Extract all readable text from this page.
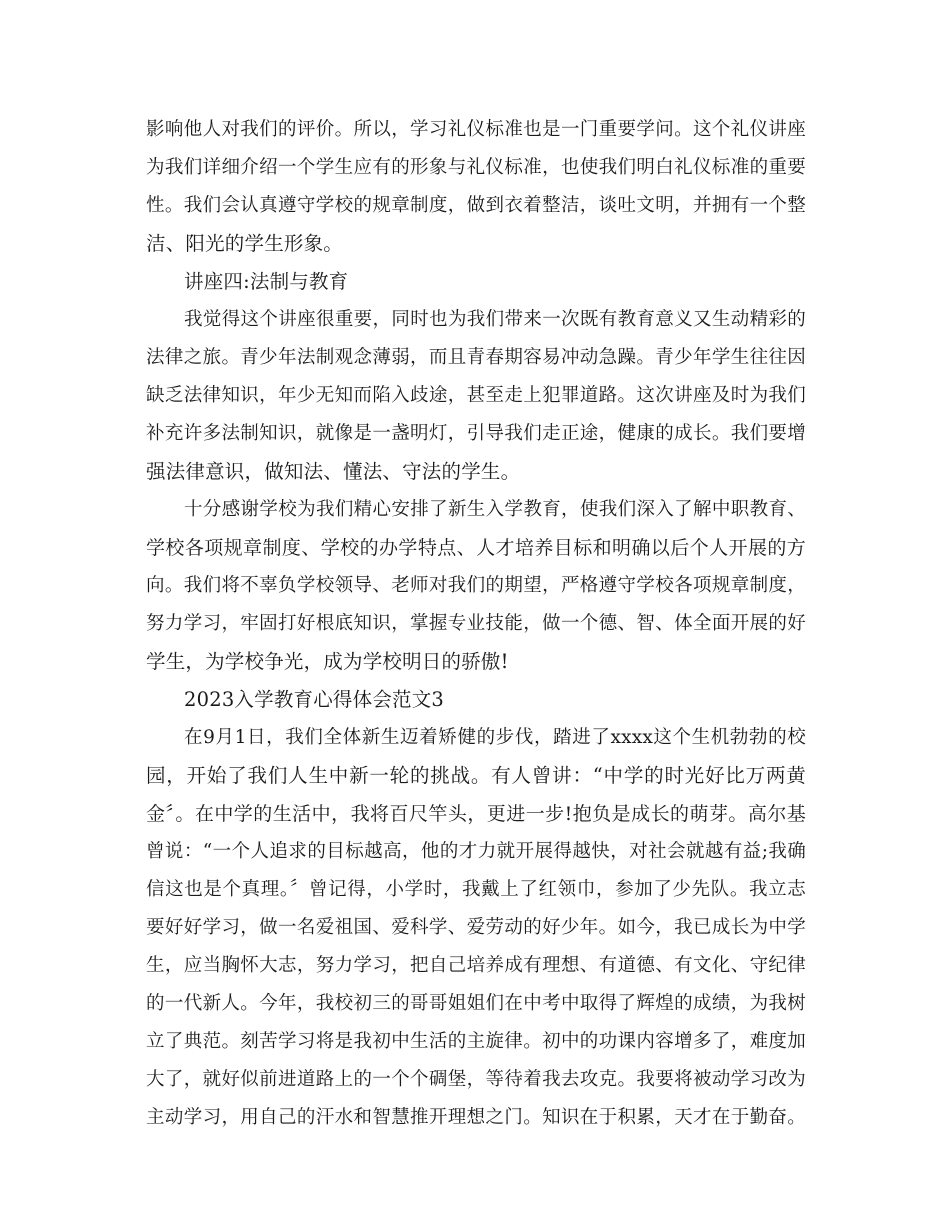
影响他人对我们的评价。所以，学习礼仪标准也是一门重要学问。这个礼仪讲座
为我们详细介绍一个学生应有的形象与礼仪标准，也使我们明白礼仪标准的重要
性。我们会认真遵守学校的规章制度，做到衣着整洁，谈吐文明，并拥有一个整
洁、阳光的学生形象。
讲座四:法制与教育
我觉得这个讲座很重要，同时也为我们带来一次既有教育意义又生动精彩的
法律之旅。青少年法制观念薄弱，而且青春期容易冲动急躁。青少年学生往往因
缺乏法律知识，年少无知而陷入歧途，甚至走上犯罪道路。这次讲座及时为我们
补充许多法制知识，就像是一盏明灯，引导我们走正途，健康的成长。我们要增
强法律意识，做知法、懂法、守法的学生。
十分感谢学校为我们精心安排了新生入学教育，使我们深入了解中职教育、
学校各项规章制度、学校的办学特点、人才培养目标和明确以后个人开展的方
向。我们将不辜负学校领导、老师对我们的期望，严格遵守学校各项规章制度，
努力学习，牢固打好根底知识，掌握专业技能，做一个德、智、体全面开展的好
学生，为学校争光，成为学校明日的骄傲!
2023入学教育心得体会范文3
在9月1日，我们全体新生迈着矫健的步伐，踏进了xxxx这个生机勃勃的校
园，开始了我们人生中新一轮的挑战。有人曾讲：“中学的时光好比万两黄
金〞。在中学的生活中，我将百尺竿头，更进一步!抱负是成长的萌芽。高尔基
曾说：“一个人追求的目标越高，他的才力就开展得越快，对社会就越有益;我确
信这也是个真理。〞曾记得，小学时，我戴上了红领巾，参加了少先队。我立志
要好好学习，做一名爱祖国、爱科学、爱劳动的好少年。如今，我已成长为中学
生，应当胸怀大志，努力学习，把自己培养成有理想、有道德、有文化、守纪律
的一代新人。今年，我校初三的哥哥姐姐们在中考中取得了辉煌的成绩，为我树
立了典范。刻苦学习将是我初中生活的主旋律。初中的功课内容增多了，难度加
大了，就好似前进道路上的一个个碉堡，等待着我去攻克。我要将被动学习改为
主动学习，用自己的汗水和智慧推开理想之门。知识在于积累，天才在于勤奋。
